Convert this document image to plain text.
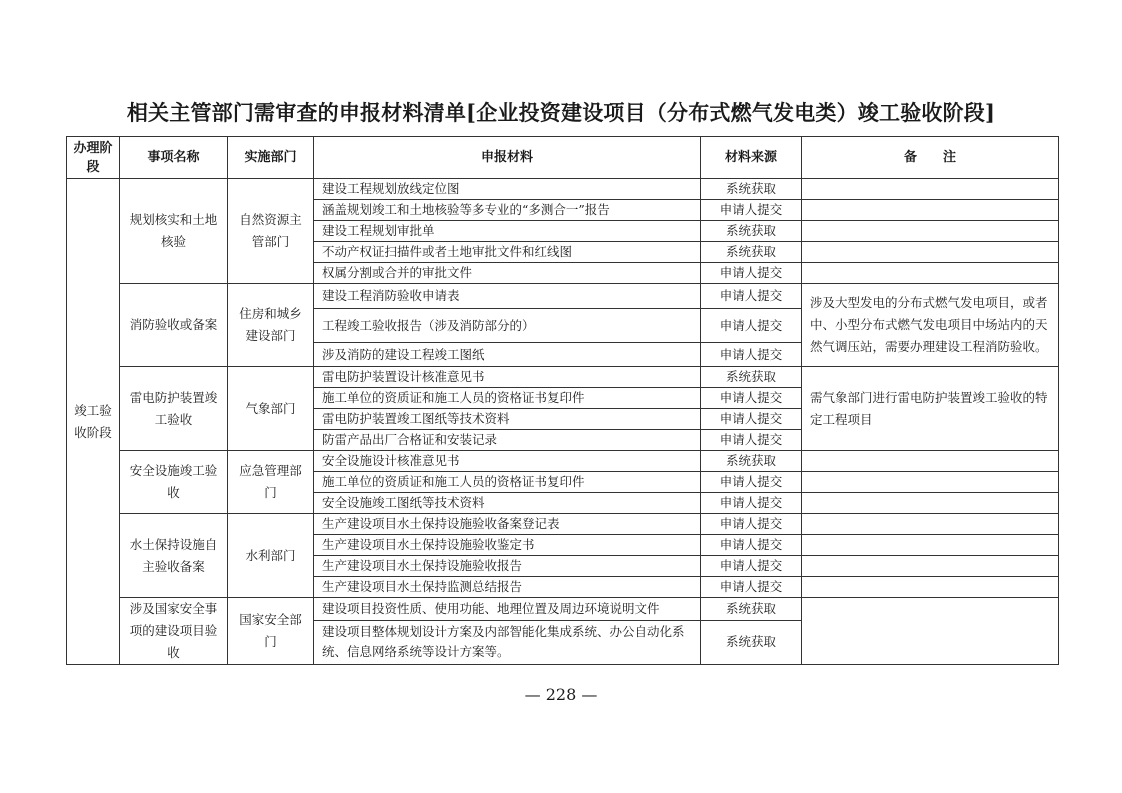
相关主管部门需审查的申报材料清单[企业投资建设项目（分布式燃气发电类）竣工验收阶段]
办理阶段	事项名称	实施部门	申报材料	材料来源	备　　注
竣工验收阶段	规划核实和土地核验	自然资源主管部门	建设工程规划放线定位图	系统获取	
			涵盖规划竣工和土地核验等多专业的“多测合一”报告	申请人提交	
			建设工程规划审批单	系统获取	
			不动产权证扫描件或者土地审批文件和红线图	系统获取	
			权属分割或合并的审批文件	申请人提交	
	消防验收或备案	住房和城乡建设部门	建设工程消防验收申请表	申请人提交	涉及大型发电的分布式燃气发电项目，或者中、小型分布式燃气发电项目中场站内的天然气调压站，需要办理建设工程消防验收。
			工程竣工验收报告（涉及消防部分的）	申请人提交	
			涉及消防的建设工程竣工图纸	申请人提交	
	雷电防护装置竣工验收	气象部门	雷电防护装置设计核准意见书	系统获取	需气象部门进行雷电防护装置竣工验收的特定工程项目
			施工单位的资质证和施工人员的资格证书复印件	申请人提交	
			雷电防护装置竣工图纸等技术资料	申请人提交	
			防雷产品出厂合格证和安装记录	申请人提交	
	安全设施竣工验收	应急管理部门	安全设施设计核准意见书	系统获取	
			施工单位的资质证和施工人员的资格证书复印件	申请人提交	
			安全设施竣工图纸等技术资料	申请人提交	
	水土保持设施自主验收备案	水利部门	生产建设项目水土保持设施验收备案登记表	申请人提交	
			生产建设项目水土保持设施验收鉴定书	申请人提交	
			生产建设项目水土保持设施验收报告	申请人提交	
			生产建设项目水土保持监测总结报告	申请人提交	
	涉及国家安全事项的建设项目验收	国家安全部门	建设项目投资性质、使用功能、地理位置及周边环境说明文件	系统获取	
			建设项目整体规划设计方案及内部智能化集成系统、办公自动化系统、信息网络系统等设计方案等。	系统获取	
— 228 —
